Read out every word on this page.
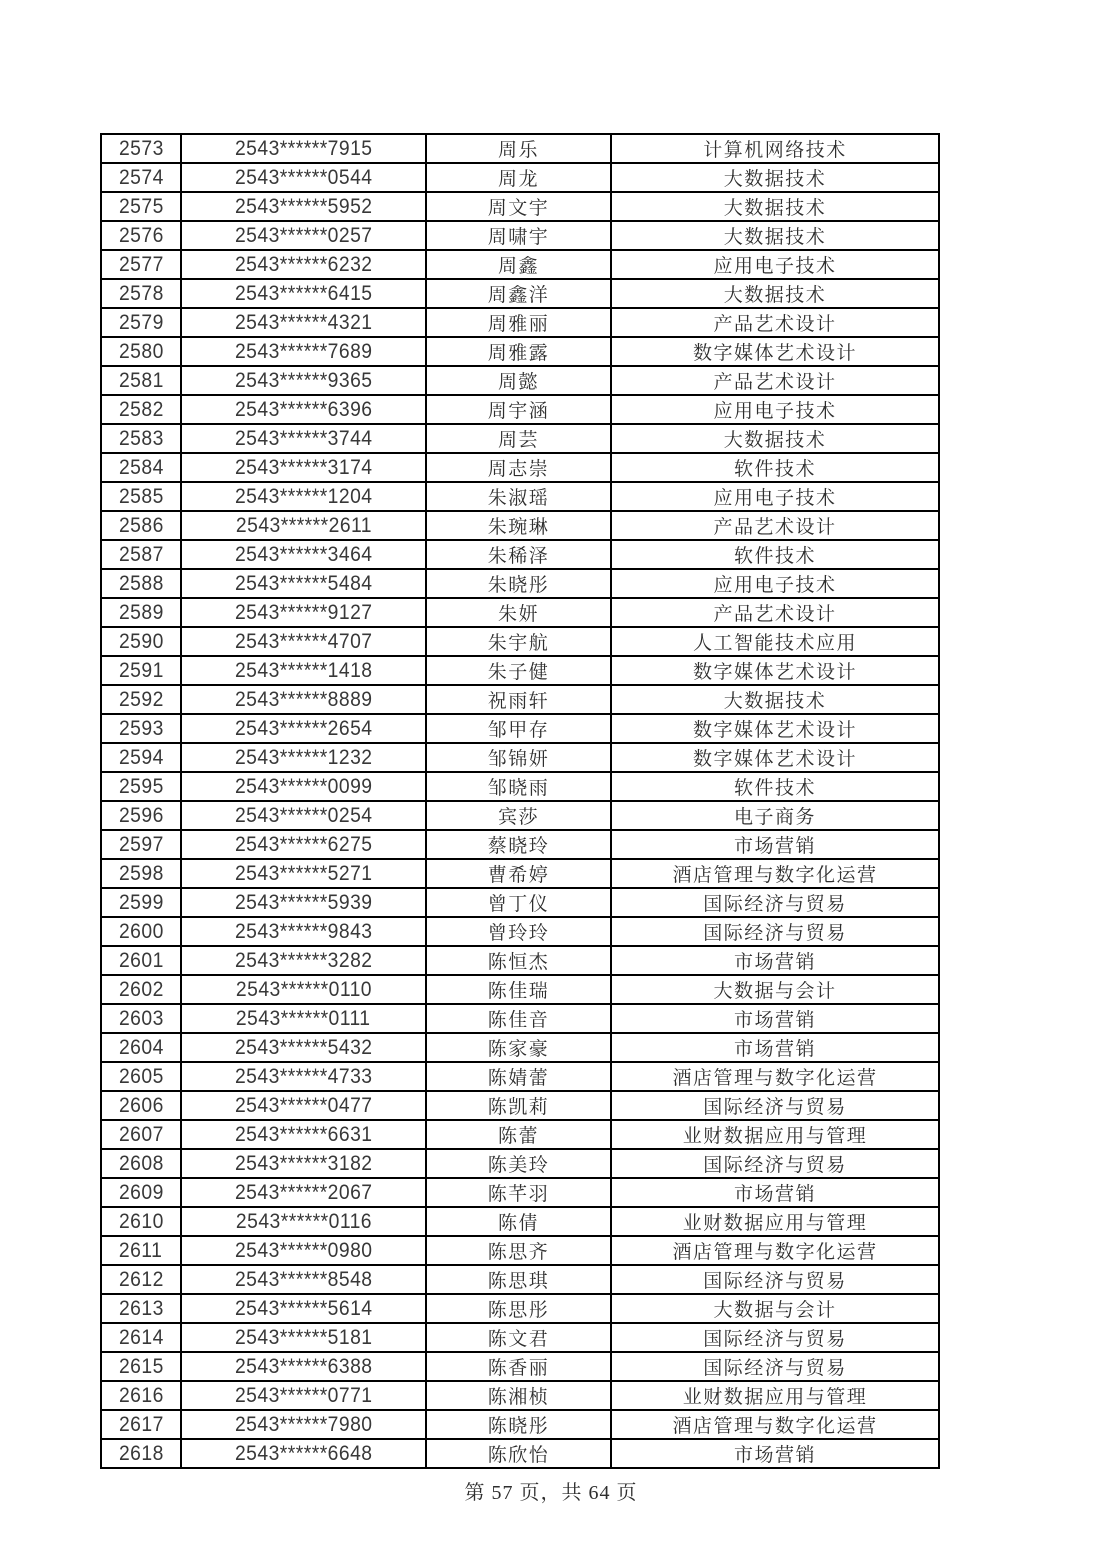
2573	2543******7915	周乐	计算机网络技术
2574	2543******0544	周龙	大数据技术
2575	2543******5952	周文宇	大数据技术
2576	2543******0257	周啸宇	大数据技术
2577	2543******6232	周鑫	应用电子技术
2578	2543******6415	周鑫洋	大数据技术
2579	2543******4321	周雅丽	产品艺术设计
2580	2543******7689	周雅露	数字媒体艺术设计
2581	2543******9365	周懿	产品艺术设计
2582	2543******6396	周宇涵	应用电子技术
2583	2543******3744	周芸	大数据技术
2584	2543******3174	周志崇	软件技术
2585	2543******1204	朱淑瑶	应用电子技术
2586	2543******2611	朱琬琳	产品艺术设计
2587	2543******3464	朱稀泽	软件技术
2588	2543******5484	朱晓彤	应用电子技术
2589	2543******9127	朱妍	产品艺术设计
2590	2543******4707	朱宇航	人工智能技术应用
2591	2543******1418	朱子健	数字媒体艺术设计
2592	2543******8889	祝雨轩	大数据技术
2593	2543******2654	邹甲存	数字媒体艺术设计
2594	2543******1232	邹锦妍	数字媒体艺术设计
2595	2543******0099	邹晓雨	软件技术
2596	2543******0254	宾莎	电子商务
2597	2543******6275	蔡晓玲	市场营销
2598	2543******5271	曹希婷	酒店管理与数字化运营
2599	2543******5939	曾丁仪	国际经济与贸易
2600	2543******9843	曾玲玲	国际经济与贸易
2601	2543******3282	陈恒杰	市场营销
2602	2543******0110	陈佳瑞	大数据与会计
2603	2543******0111	陈佳音	市场营销
2604	2543******5432	陈家豪	市场营销
2605	2543******4733	陈婧蕾	酒店管理与数字化运营
2606	2543******0477	陈凯莉	国际经济与贸易
2607	2543******6631	陈蕾	业财数据应用与管理
2608	2543******3182	陈美玲	国际经济与贸易
2609	2543******2067	陈芊羽	市场营销
2610	2543******0116	陈倩	业财数据应用与管理
2611	2543******0980	陈思齐	酒店管理与数字化运营
2612	2543******8548	陈思琪	国际经济与贸易
2613	2543******5614	陈思彤	大数据与会计
2614	2543******5181	陈文君	国际经济与贸易
2615	2543******6388	陈香丽	国际经济与贸易
2616	2543******0771	陈湘桢	业财数据应用与管理
2617	2543******7980	陈晓彤	酒店管理与数字化运营
2618	2543******6648	陈欣怡	市场营销
第 57 页，共 64 页
